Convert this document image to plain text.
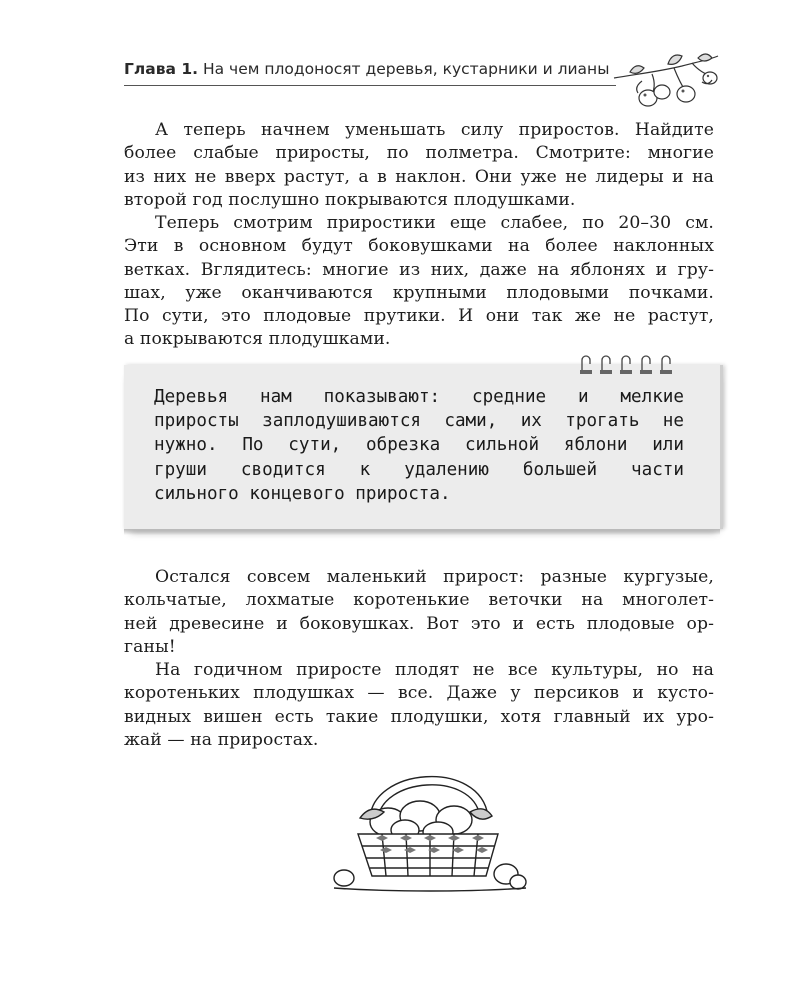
Глава 1. На чем плодоносят деревья, кустарники и лианы
А теперь начнем уменьшать силу приростов. Найдите
более слабые приросты, по полметра. Смотрите: многие
из них не вверх растут, а в наклон. Они уже не лидеры и на
второй год послушно покрываются плодушками.
Теперь смотрим приростики еще слабее, по 20–30 см.
Эти в основном будут боковушками на более наклонных
ветках. Вглядитесь: многие из них, даже на яблонях и гру-
шах, уже оканчиваются крупными плодовыми почками.
По сути, это плодовые прутики. И они так же не растут,
а покрываются плодушками.
Деревья нам показывают: средние и мелкие
приросты заплодушиваются сами, их трогать не
нужно. По сути, обрезка сильной яблони или
груши сводится к удалению большей части
сильного концевого прироста.
Остался совсем маленький прирост: разные кургузые,
кольчатые, лохматые коротенькие веточки на многолет-
ней древесине и боковушках. Вот это и есть плодовые ор-
ганы!
На годичном приросте плодят не все культуры, но на
коротеньких плодушках — все. Даже у персиков и кусто-
видных вишен есть такие плодушки, хотя главный их уро-
жай — на приростах.
